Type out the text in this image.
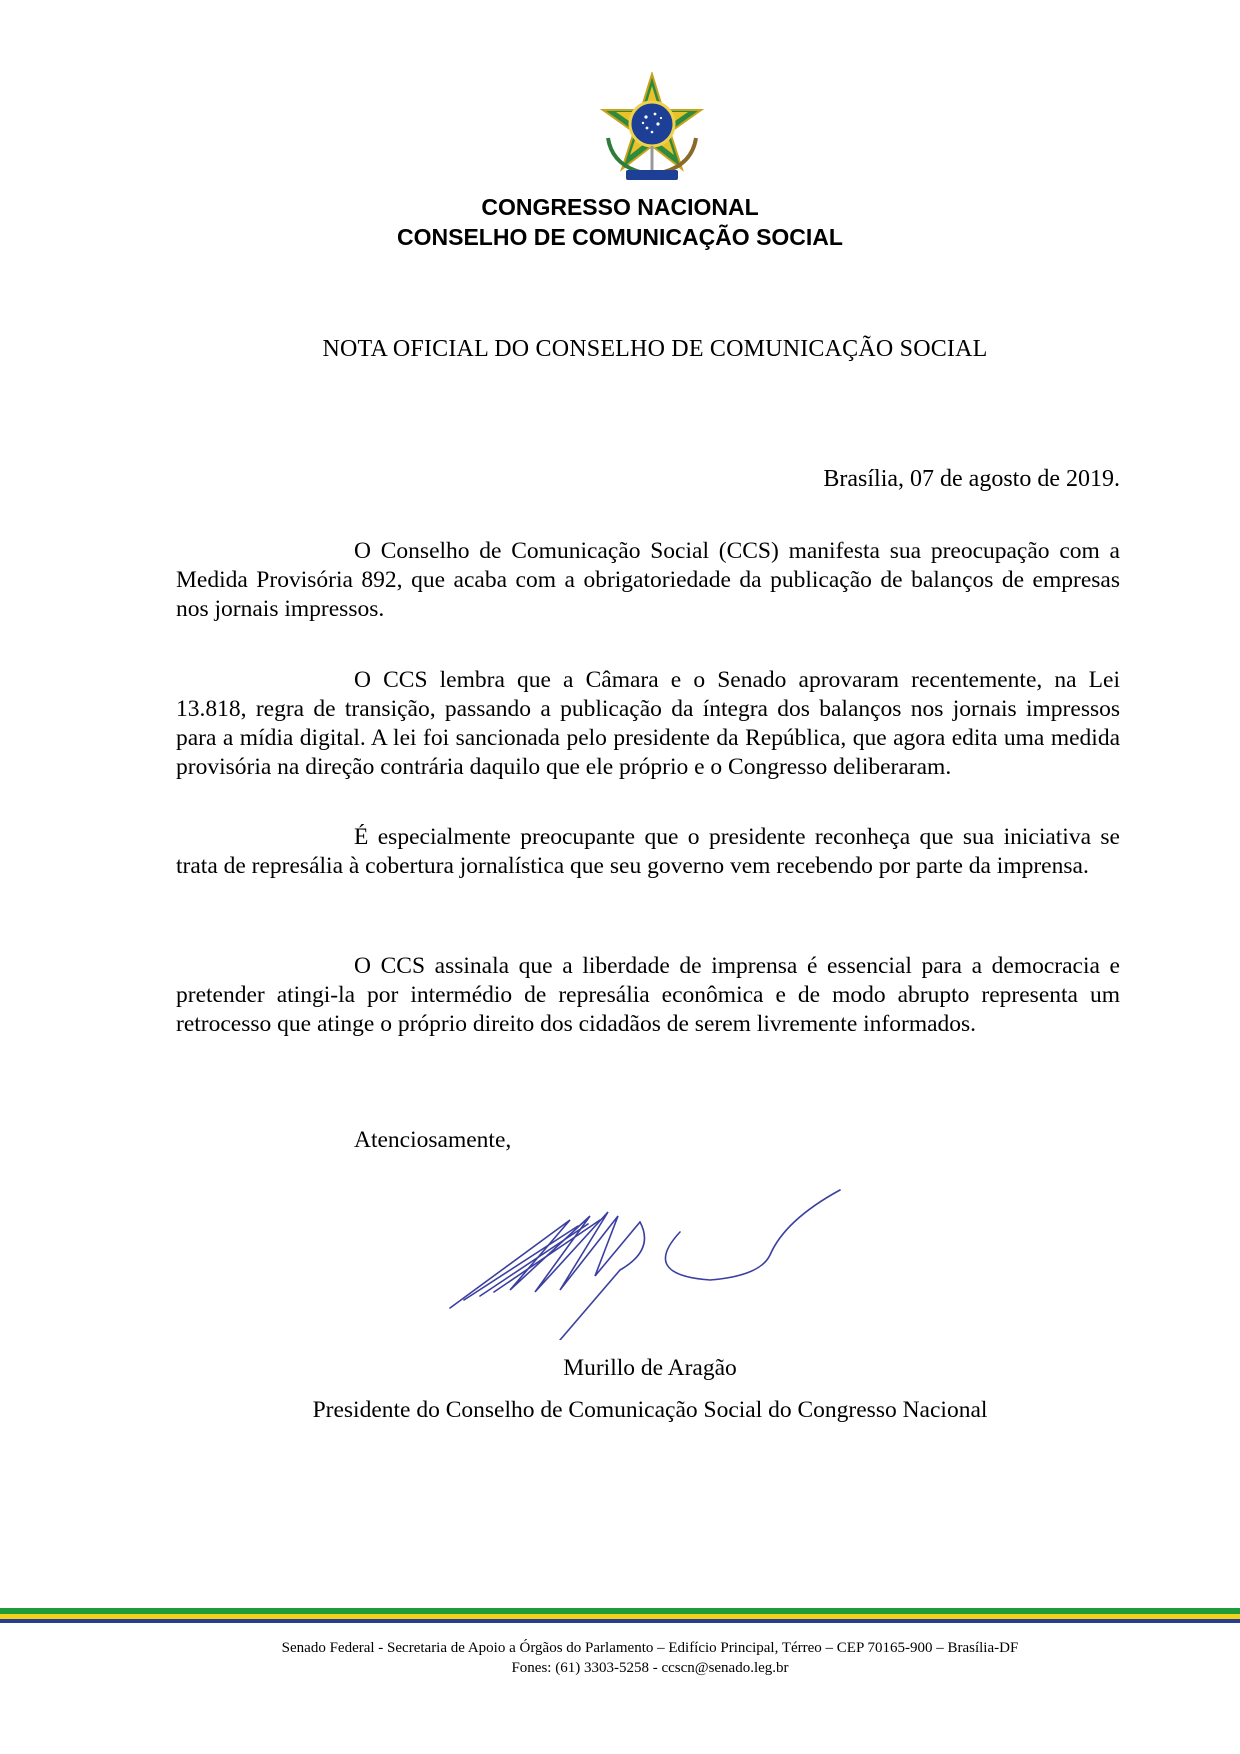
CONGRESSO NACIONAL
CONSELHO DE COMUNICAÇÃO SOCIAL
NOTA OFICIAL DO CONSELHO DE COMUNICAÇÃO SOCIAL
Brasília, 07 de agosto de 2019.

O Conselho de Comunicação Social (CCS) manifesta sua preocupação com a Medida Provisória 892, que acaba com a obrigatoriedade da publicação de balanços de empresas nos jornais impressos.

O CCS lembra que a Câmara e o Senado aprovaram recentemente, na Lei 13.818, regra de transição, passando a publicação da íntegra dos balanços nos jornais impressos para a mídia digital. A lei foi sancionada pelo presidente da República, que agora edita uma medida provisória na direção contrária daquilo que ele próprio e o Congresso deliberaram.

É especialmente preocupante que o presidente reconheça que sua iniciativa se trata de represália à cobertura jornalística que seu governo vem recebendo por parte da imprensa.

O CCS assinala que a liberdade de imprensa é essencial para a democracia e pretender atingi-la por intermédio de represália econômica e de modo abrupto representa um retrocesso que atinge o próprio direito dos cidadãos de serem livremente informados.

Atenciosamente,
Murillo de Aragão
Presidente do Conselho de Comunicação Social do Congresso Nacional
Senado Federal - Secretaria de Apoio a Órgãos do Parlamento – Edifício Principal, Térreo – CEP 70165-900 – Brasília-DF
Fones: (61) 3303-5258 - ccscn@senado.leg.br
